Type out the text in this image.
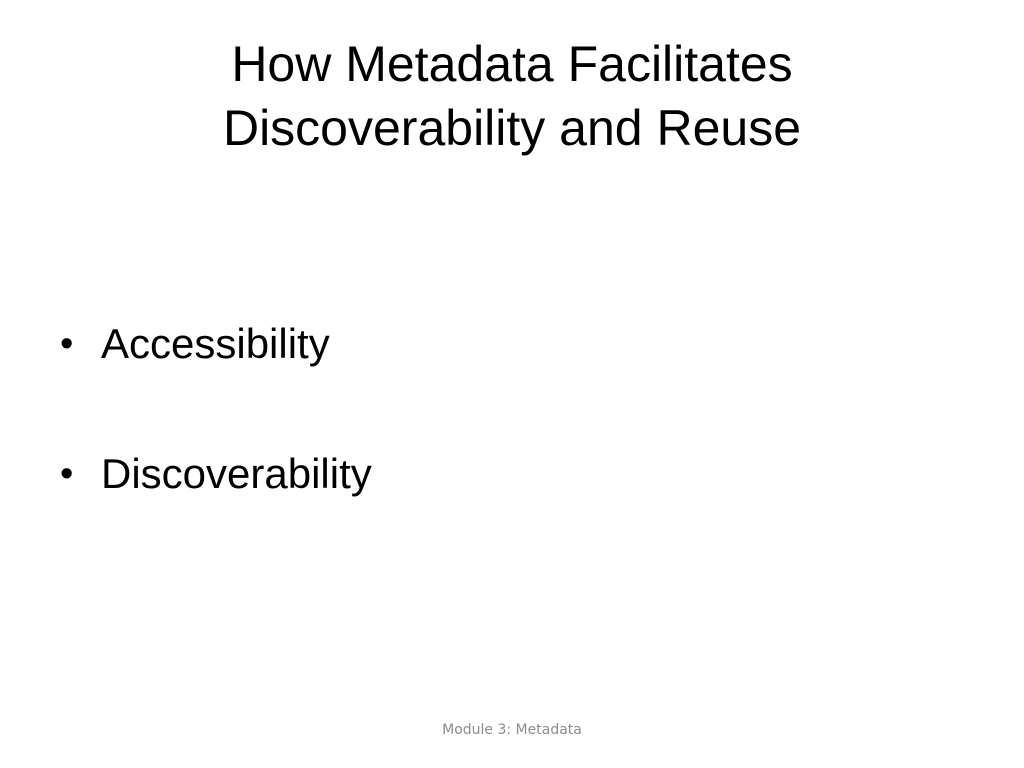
How Metadata Facilitates
Discoverability and Reuse
• Accessibility
• Discoverability
Module 3: Metadata
